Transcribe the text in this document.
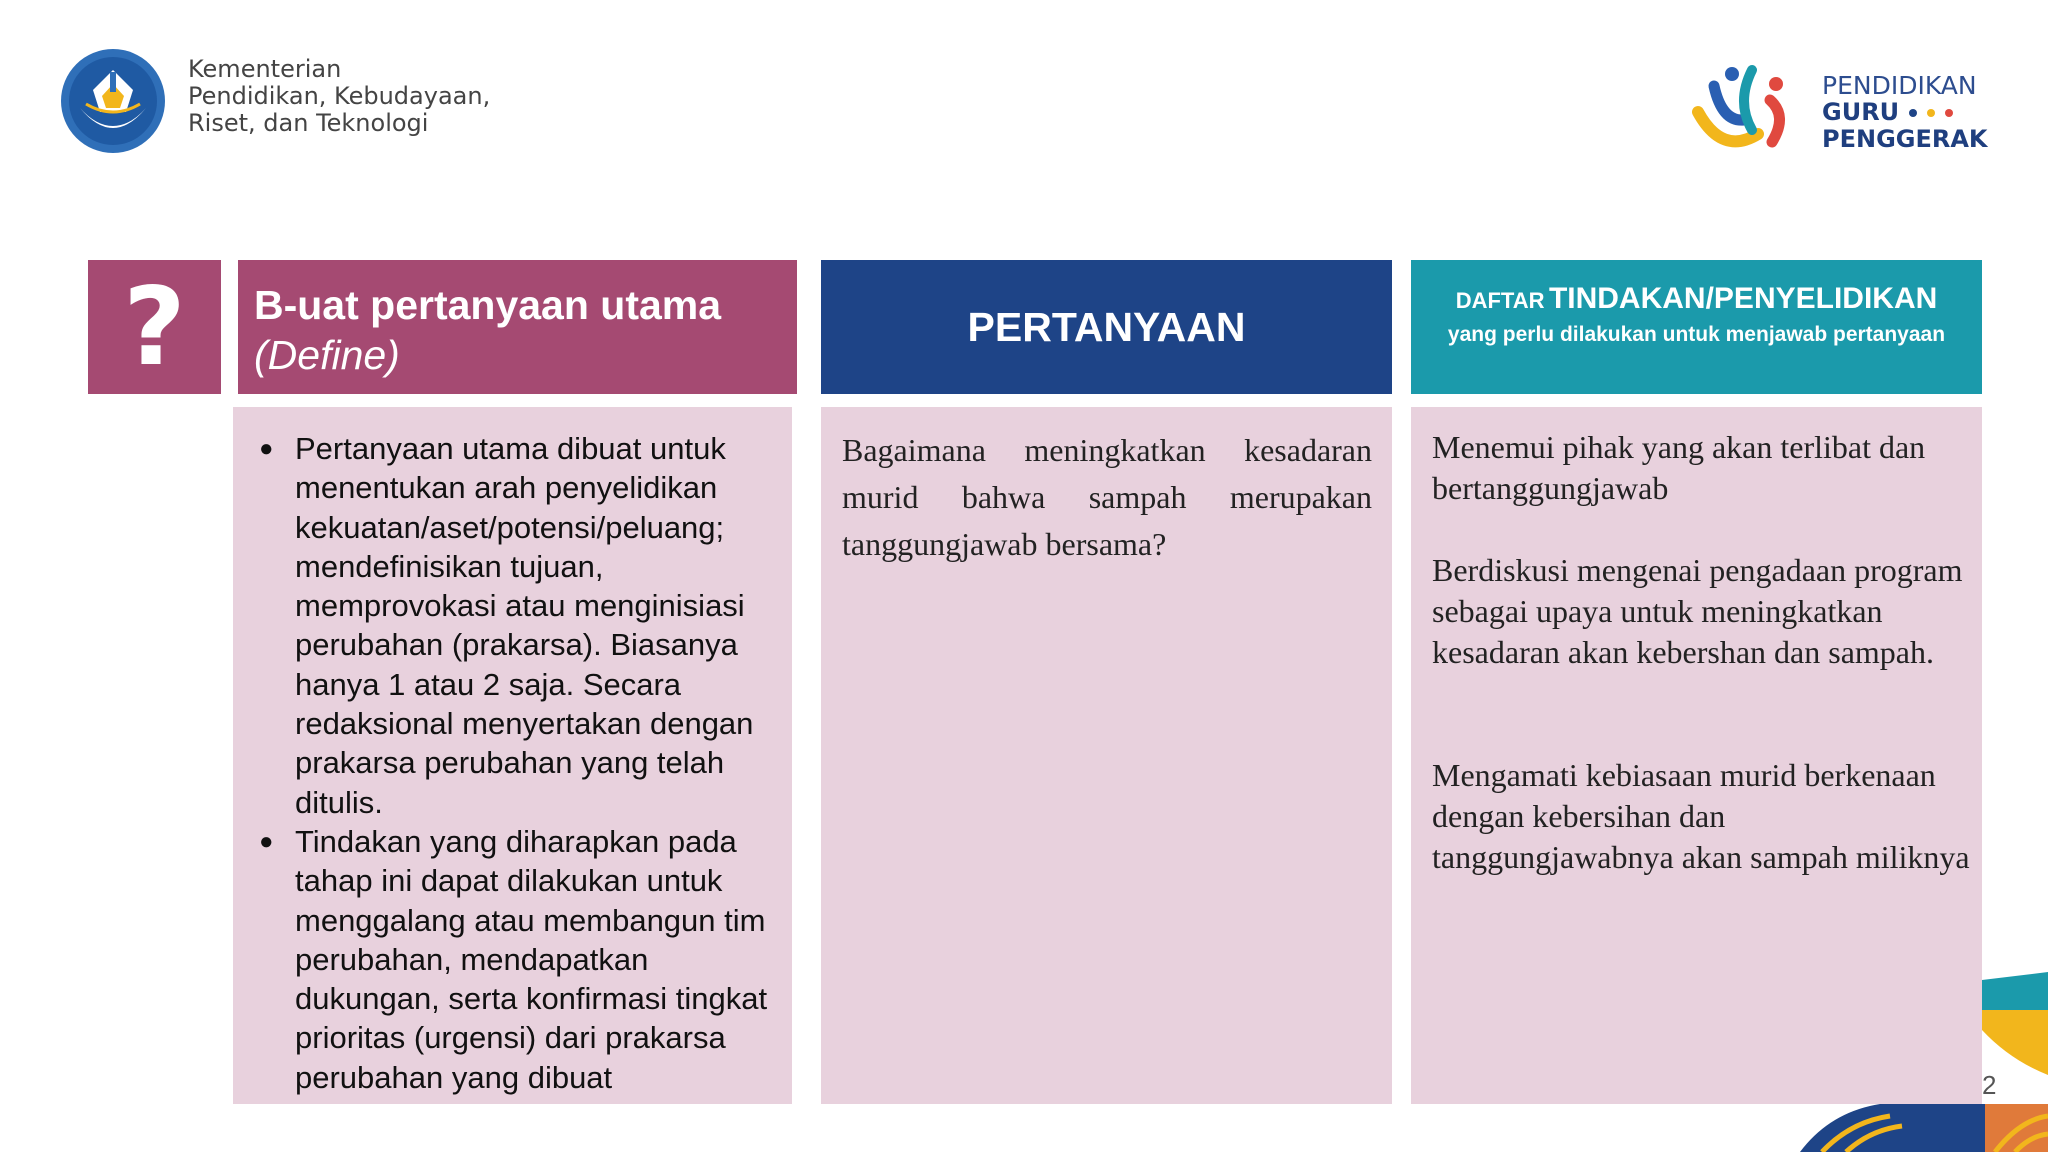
Kementerian
Pendidikan, Kebudayaan,
Riset, dan Teknologi
PENDIDIKAN
GURU
PENGGERAK
?	B-uat pertanyaan utama
(Define)
PERTANYAAN
DAFTAR TINDAKAN/PENYELIDIKAN
yang perlu dilakukan untuk menjawab pertanyaan
● Pertanyaan utama dibuat untuk menentukan arah penyelidikan kekuatan/aset/potensi/peluang; mendefinisikan tujuan, memprovokasi atau menginisiasi perubahan (prakarsa). Biasanya hanya 1 atau 2 saja. Secara redaksional menyertakan dengan prakarsa perubahan yang telah ditulis.
● Tindakan yang diharapkan pada tahap ini dapat dilakukan untuk menggalang atau membangun tim perubahan, mendapatkan dukungan, serta konfirmasi tingkat prioritas (urgensi) dari prakarsa perubahan yang dibuat
Bagaimana meningkatkan kesadaran murid bahwa sampah merupakan tanggungjawab bersama?
Menemui pihak yang akan terlibat dan bertanggungjawab
Berdiskusi mengenai pengadaan program sebagai upaya untuk meningkatkan kesadaran akan kebershan dan sampah.
Mengamati kebiasaan murid berkenaan dengan kebersihan dan tanggungjawabnya akan sampah miliknya
2
